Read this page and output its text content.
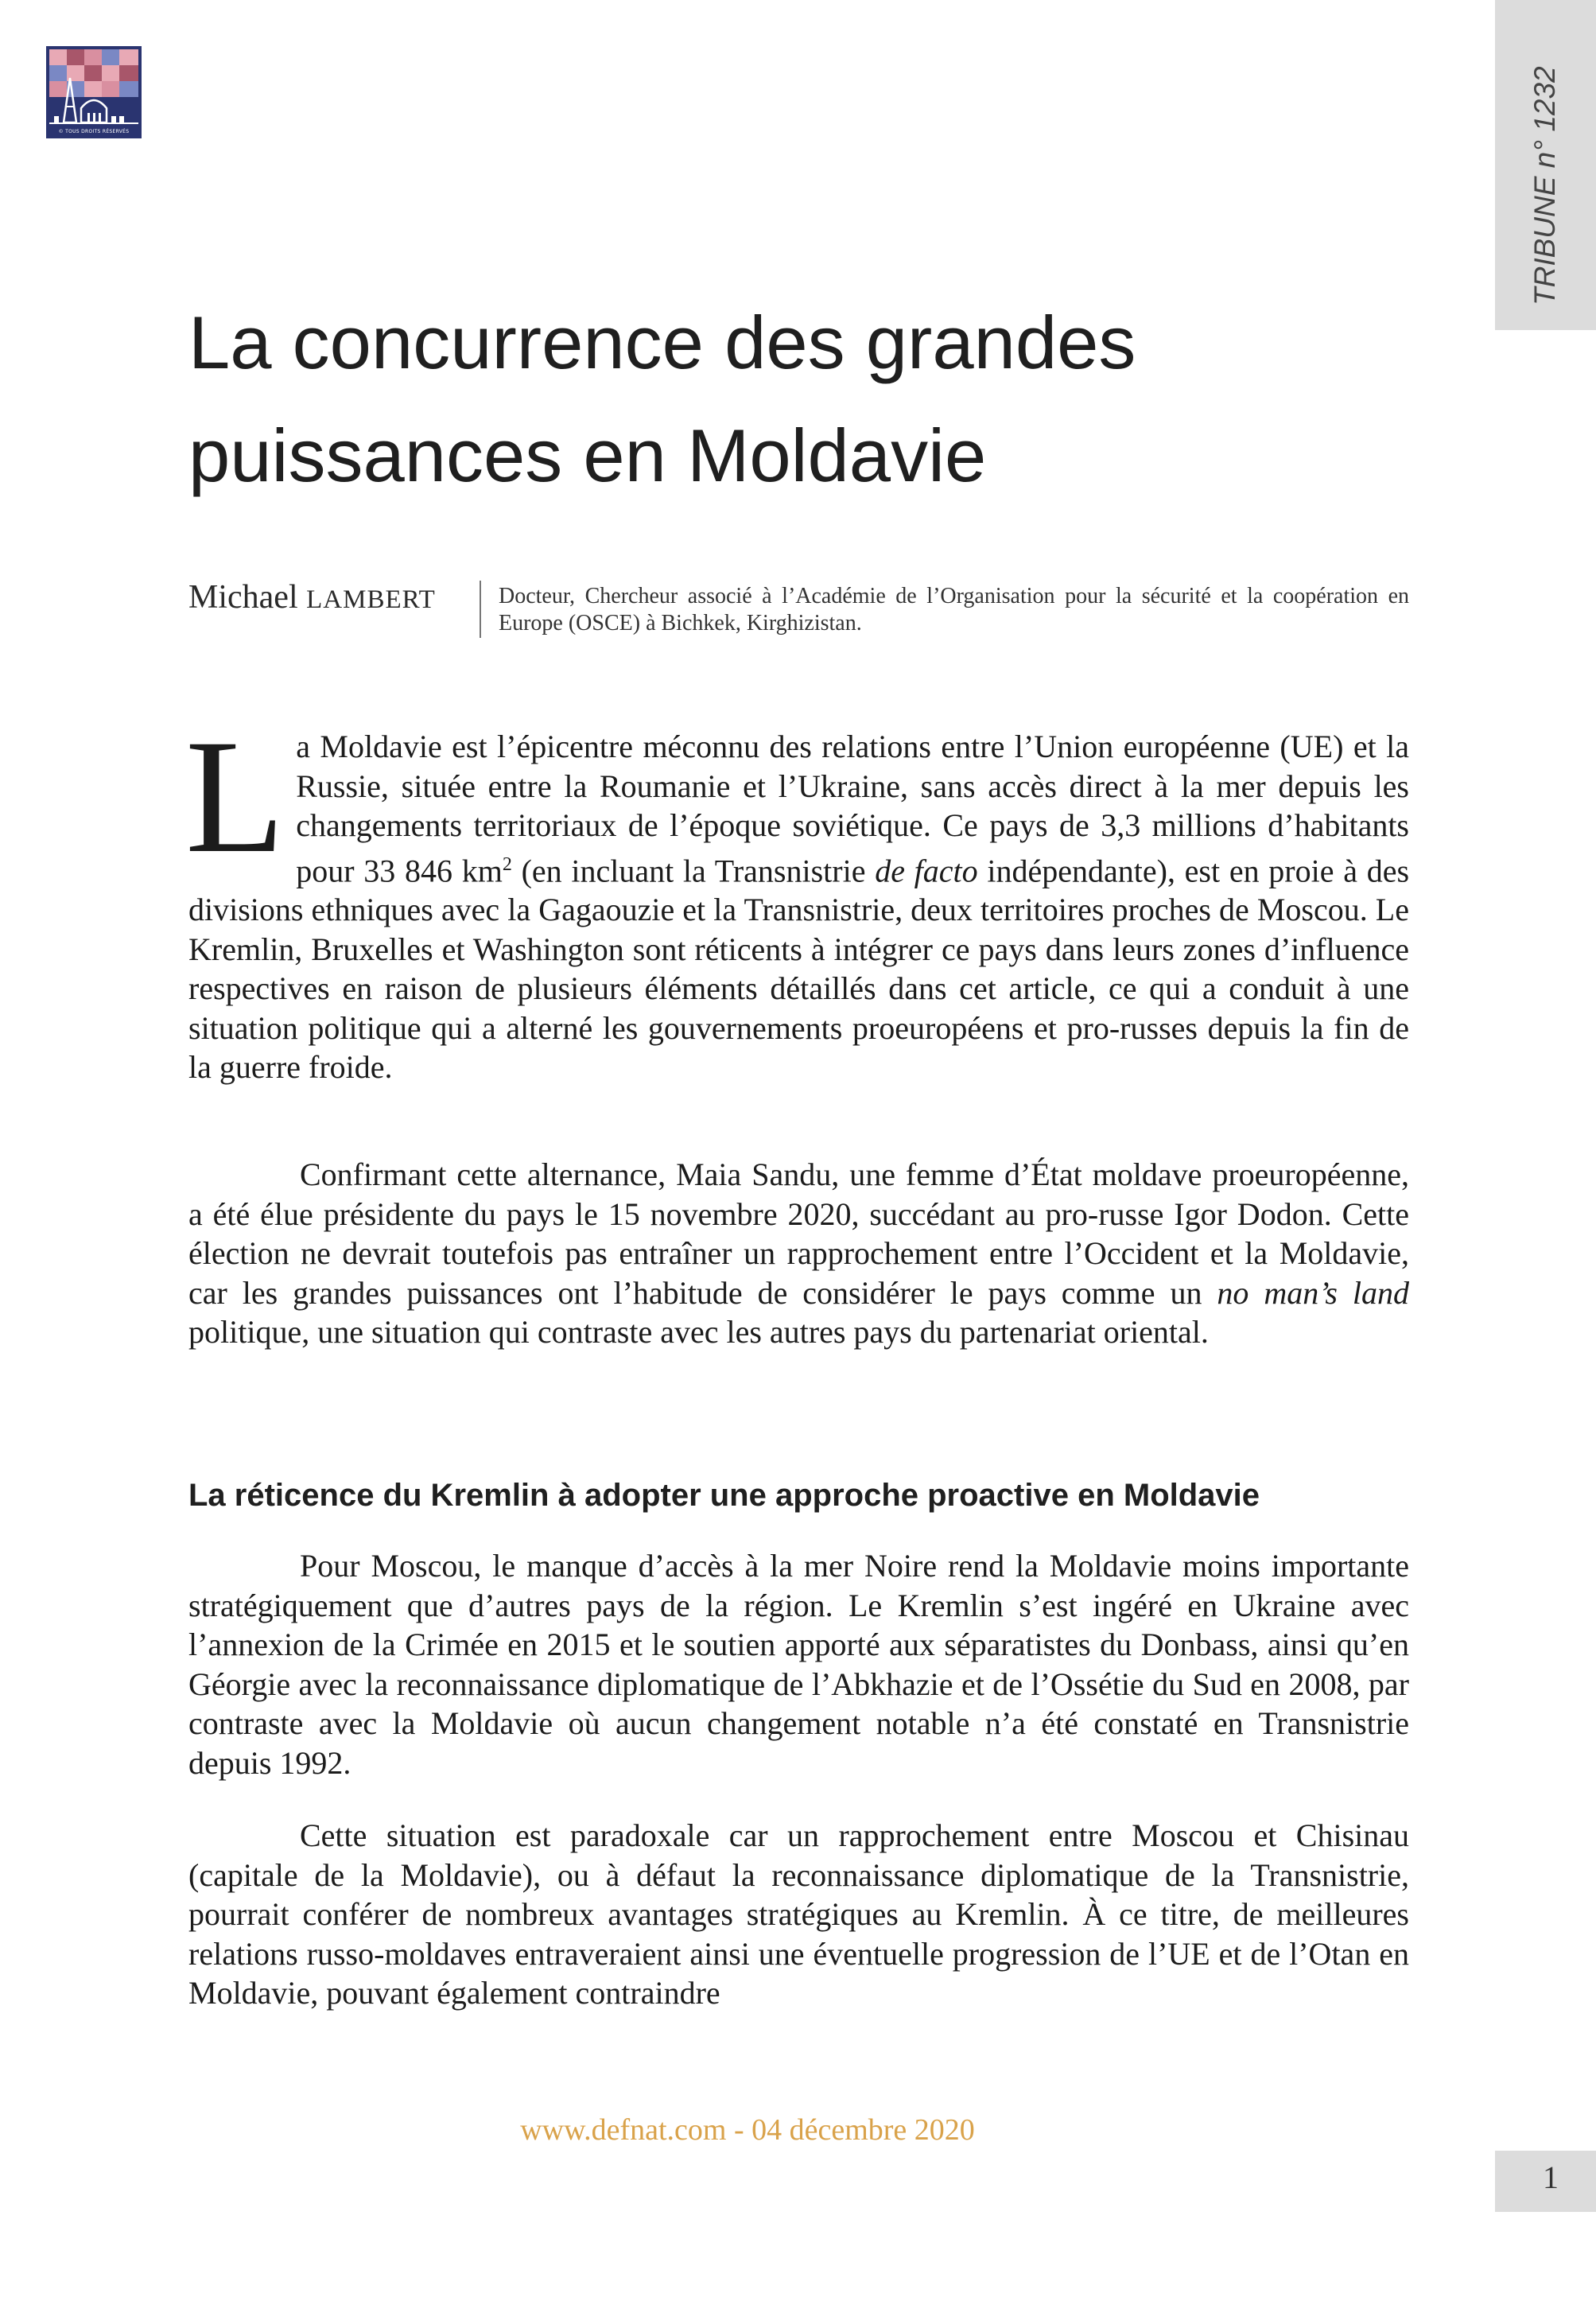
© TOUS DROITS RÉSERVÉS	TRIBUNE n° 1232
La concurrence des grandes puissances en Moldavie
Michael LAMBERT	Docteur, Chercheur associé à l’Académie de l’Organisation pour la sécurité et la coopération en Europe (OSCE) à Bichkek, Kirghizistan.

La Moldavie est l’épicentre méconnu des relations entre l’Union européenne (UE) et la Russie, située entre la Roumanie et l’Ukraine, sans accès direct à la mer depuis les changements territoriaux de l’époque soviétique. Ce pays de 3,3 millions d’habitants pour 33 846 $km^2$ (en incluant la Transnistrie de facto indépendante), est en proie à des divisions ethniques avec la Gagaouzie et la Transnistrie, deux territoires proches de Moscou. Le Kremlin, Bruxelles et Washington sont réticents à intégrer ce pays dans leurs zones d’influence respectives en raison de plusieurs éléments détaillés dans cet article, ce qui a conduit à une situation politique qui a alterné les gouvernements proeuropéens et pro-russes depuis la fin de la guerre froide.

Confirmant cette alternance, Maia Sandu, une femme d’État moldave proeuropéenne, a été élue présidente du pays le 15 novembre 2020, succédant au pro-russe Igor Dodon. Cette élection ne devrait toutefois pas entraîner un rapprochement entre l’Occident et la Moldavie, car les grandes puissances ont l’habitude de considérer le pays comme un no man’s land politique, une situation qui contraste avec les autres pays du partenariat oriental.

La réticence du Kremlin à adopter une approche proactive en Moldavie

Pour Moscou, le manque d’accès à la mer Noire rend la Moldavie moins importante stratégiquement que d’autres pays de la région. Le Kremlin s’est ingéré en Ukraine avec l’annexion de la Crimée en 2015 et le soutien apporté aux séparatistes du Donbass, ainsi qu’en Géorgie avec la reconnaissance diplomatique de l’Abkhazie et de l’Ossétie du Sud en 2008, par contraste avec la Moldavie où aucun changement notable n’a été constaté en Transnistrie depuis 1992.

Cette situation est paradoxale car un rapprochement entre Moscou et Chisinau (capitale de la Moldavie), ou à défaut la reconnaissance diplomatique de la Transnistrie, pourrait conférer de nombreux avantages stratégiques au Kremlin. À ce titre, de meilleures relations russo-moldaves entraveraient ainsi une éventuelle progression de l’UE et de l’Otan en Moldavie, pouvant également contraindre

www.defnat.com - 04 décembre 2020
1
